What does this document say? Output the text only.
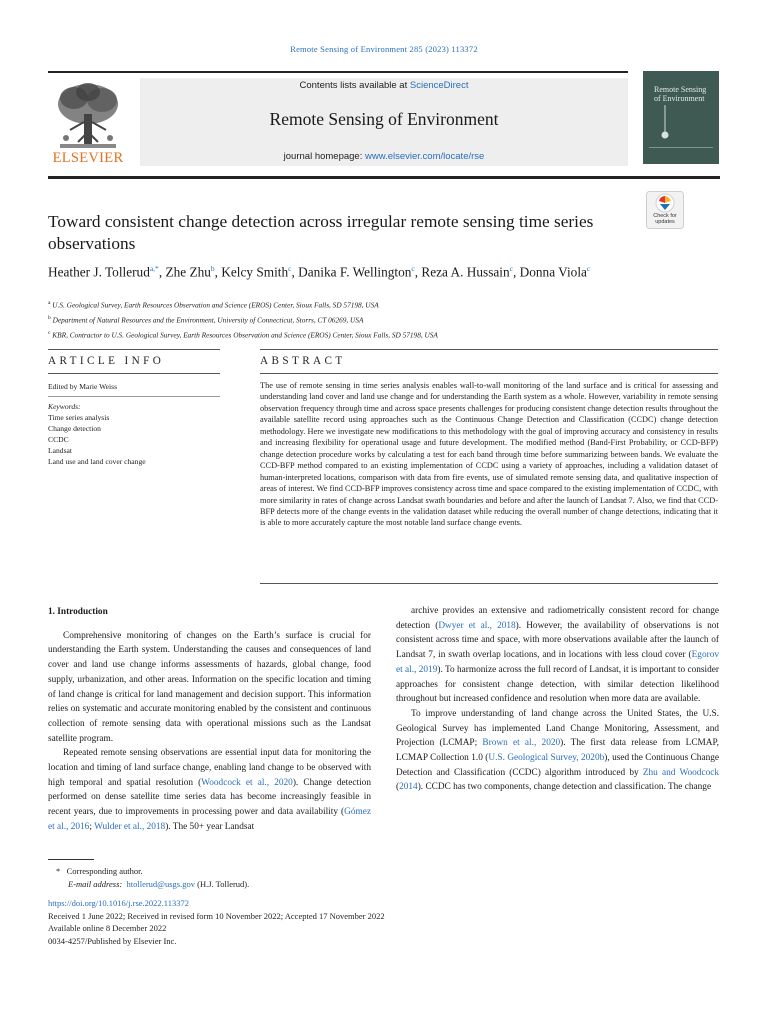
Remote Sensing of Environment 285 (2023) 113372
ELSEVIER
Contents lists available at ScienceDirect
Remote Sensing of Environment
journal homepage: www.elsevier.com/locate/rse
Remote Sensing of Environment
Toward consistent change detection across irregular remote sensing time series observations
Check for
updates
Heather J. Tollerud$^{a,*}$, Zhe Zhu$^b$, Kelcy Smith$^c$, Danika F. Wellington$^c$, Reza A. Hussain$^c$, Donna Viola$^c$
$^a$ U.S. Geological Survey, Earth Resources Observation and Science (EROS) Center, Sioux Falls, SD 57198, USA
$^b$ Department of Natural Resources and the Environment, University of Connecticut, Storrs, CT 06269, USA
$^c$ KBR, Contractor to U.S. Geological Survey, Earth Resources Observation and Science (EROS) Center, Sioux Falls, SD 57198, USA
ARTICLE INFO	ABSTRACT
Edited by Marie Weiss
Keywords:
Time series analysis
Change detection
CCDC
Landsat
Land use and land cover change
The use of remote sensing in time series analysis enables wall-to-wall monitoring of the land surface and is critical for assessing and understanding land cover and land use change and for understanding the Earth system as a whole. However, variability in remote sensing observation frequency through time and across space presents challenges for producing consistent change detection results throughout the available satellite record using approaches such as the Continuous Change Detection and Classification (CCDC) change detection methodology. Here we investigate new modifications to this methodology with the goal of improving accuracy and consistency in results and increasing flexibility for operational usage and future development. The modified method (Band-First Probability, or CCD-BFP) change detection procedure works by calculating a test for each band through time before summarizing between bands. We evaluate the CCD-BFP method compared to an existing implementation of CCDC using a variety of approaches, including a validation dataset of human-interpreted locations, comparison with data from fire events, use of simulated remote sensing data, and qualitative inspection of areas of interest. We find CCD-BFP improves consistency across time and space compared to the existing implementation of CCDC, with more similarity in rates of change across Landsat swath boundaries and before and after the launch of Landsat 7. Also, we find that CCD-BFP detects more of the change events in the validation dataset while reducing the overall number of change detections, indicating that it is able to more accurately capture the most notable land surface change events.
1. Introduction

Comprehensive monitoring of changes on the Earth’s surface is crucial for understanding the Earth system. Understanding the causes and consequences of land cover and land use change informs assessments of hazards, global change, food supply, urbanization, and other areas. Information on the specific location and timing of land change is critical for land management and decision support. This information relies on systematic and accurate monitoring enabled by the consistent and continuous collection of remote sensing data with operational missions such as the Landsat satellite program.

Repeated remote sensing observations are essential input data for monitoring the location and timing of land surface change, enabling land change to be observed with high temporal and spatial resolution (Woodcock et al., 2020). Change detection performed on dense satellite time series data has become increasingly feasible in recent years, due to improvements in processing power and data availability (Gómez et al., 2016; Wulder et al., 2018). The 50+ year Landsat

archive provides an extensive and radiometrically consistent record for change detection (Dwyer et al., 2018). However, the availability of observations is not consistent across time and space, with more observations available after the launch of Landsat 7, in swath overlap locations, and in locations with less cloud cover (Egorov et al., 2019). To harmonize across the full record of Landsat, it is important to consider approaches for consistent change detection, with similar detection likelihood throughout but increased confidence and resolution when more data are available.

To improve understanding of land change across the United States, the U.S. Geological Survey has implemented Land Change Monitoring, Assessment, and Projection (LCMAP; Brown et al., 2020). The first data release from LCMAP, LCMAP Collection 1.0 (U.S. Geological Survey, 2020b), used the Continuous Change Detection and Classification (CCDC) algorithm introduced by Zhu and Woodcock (2014). CCDC has two components, change detection and classification. The change

* Corresponding author.
E-mail address: htollerud@usgs.gov (H.J. Tollerud).
https://doi.org/10.1016/j.rse.2022.113372
Received 1 June 2022; Received in revised form 10 November 2022; Accepted 17 November 2022
Available online 8 December 2022
0034-4257/Published by Elsevier Inc.
